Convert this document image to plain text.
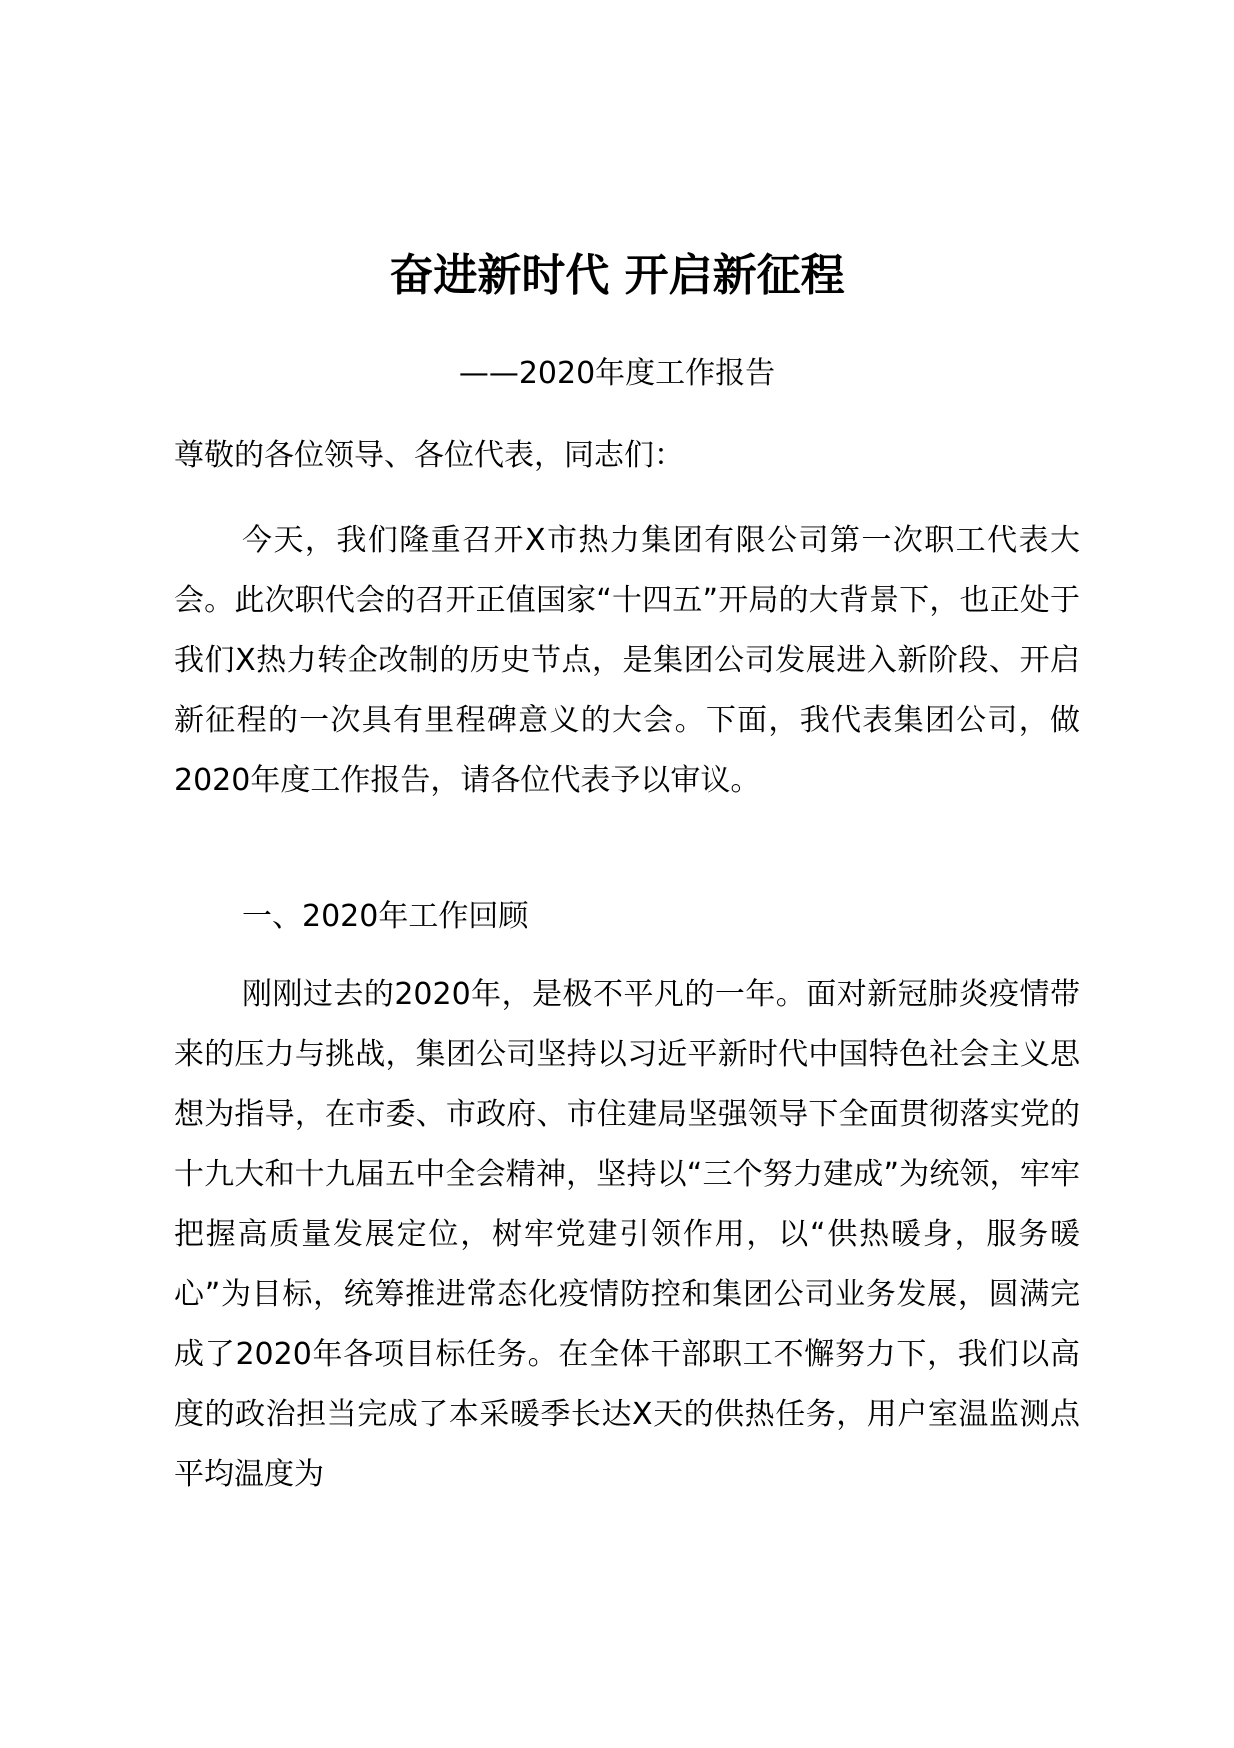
奋进新时代 开启新征程
——2020年度工作报告
尊敬的各位领导、各位代表，同志们：

今天，我们隆重召开X市热力集团有限公司第一次职工代表大会。此次职代会的召开正值国家“十四五”开局的大背景下，也正处于我们X热力转企改制的历史节点，是集团公司发展进入新阶段、开启新征程的一次具有里程碑意义的大会。下面，我代表集团公司，做2020年度工作报告，请各位代表予以审议。

一、2020年工作回顾

刚刚过去的2020年，是极不平凡的一年。面对新冠肺炎疫情带来的压力与挑战，集团公司坚持以习近平新时代中国特色社会主义思想为指导，在市委、市政府、市住建局坚强领导下全面贯彻落实党的十九大和十九届五中全会精神，坚持以“三个努力建成”为统领，牢牢把握高质量发展定位，树牢党建引领作用，以“供热暖身，服务暖心”为目标，统筹推进常态化疫情防控和集团公司业务发展，圆满完成了2020年各项目标任务。在全体干部职工不懈努力下，我们以高度的政治担当完成了本采暖季长达X天的供热任务，用户室温监测点平均温度为
